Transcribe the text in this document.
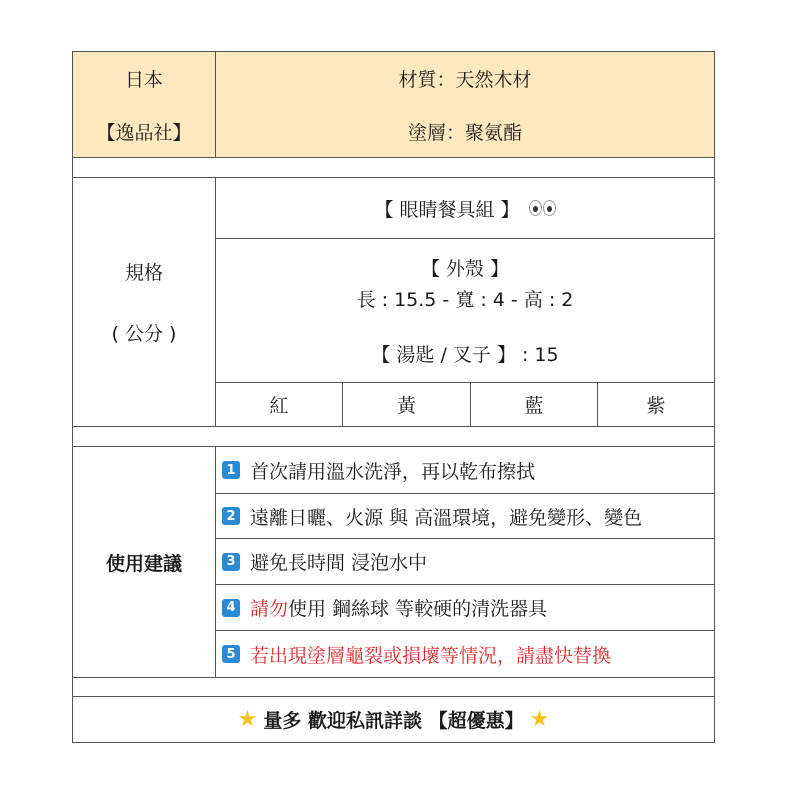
日本
【逸品社】
材質：天然木材
塗層：聚氨酯
規格
( 公分 )
【 眼睛餐具組 】
【 外殼 】
長 : 15.5 - 寬 : 4 - 高 : 2
【 湯匙 / 叉子 】 : 15
紅	黃	藍	紫
使用建議
1 首次請用溫水洗淨，再以乾布擦拭
2 遠離日曬、火源 與 高溫環境，避免變形、變色
3 避免長時間 浸泡水中
4 請勿 使用 鋼絲球 等較硬的清洗器具
5 若出現塗層龜裂或損壞等情況，請盡快替換
★ 量多 歡迎私訊詳談 【超優惠】 ★
